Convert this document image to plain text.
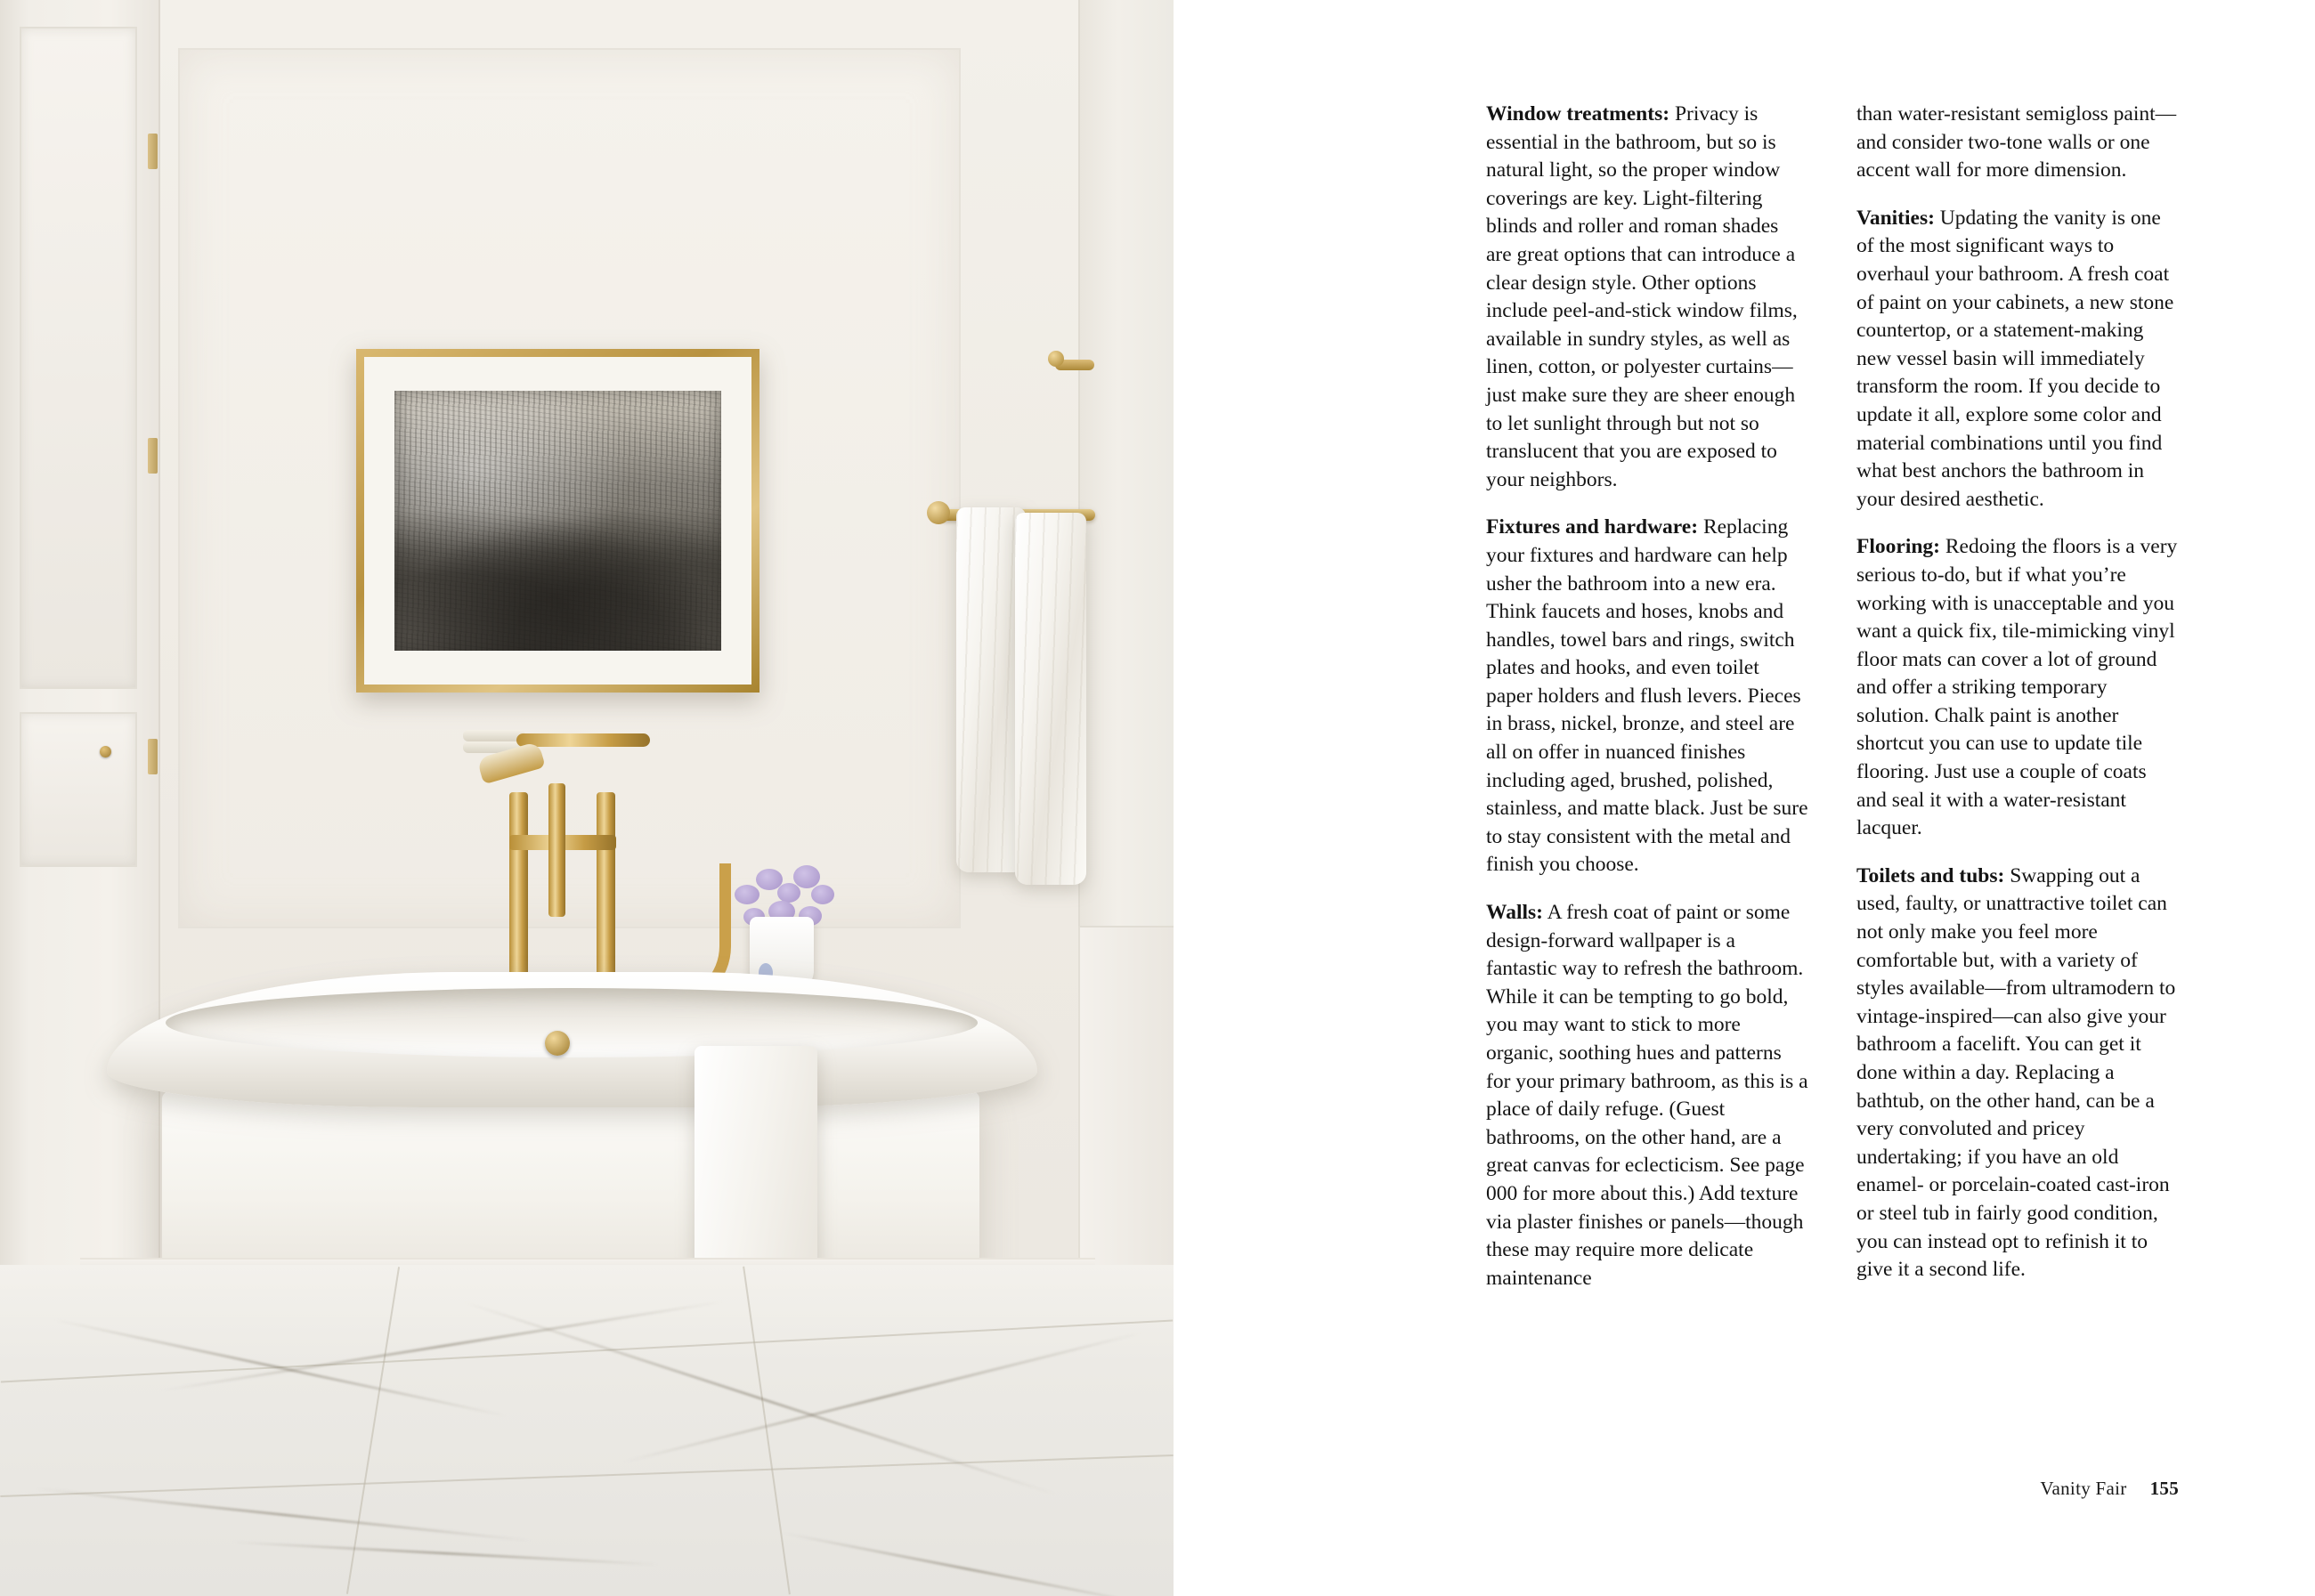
Window treatments: Privacy is essential in the bathroom, but so is natural light, so the proper window coverings are key. Light-filtering blinds and roller and roman shades are great options that can introduce a clear design style. Other options include peel-and-stick window films, available in sundry styles, as well as linen, cotton, or polyester curtains—just make sure they are sheer enough to let sunlight through but not so translucent that you are exposed to your neighbors.

Fixtures and hardware: Replacing your fixtures and hardware can help usher the bathroom into a new era. Think faucets and hoses, knobs and handles, towel bars and rings, switch plates and hooks, and even toilet paper holders and flush levers. Pieces in brass, nickel, bronze, and steel are all on offer in nuanced finishes including aged, brushed, polished, stainless, and matte black. Just be sure to stay consistent with the metal and finish you choose.

Walls: A fresh coat of paint or some design-forward wallpaper is a fantastic way to refresh the bathroom. While it can be tempting to go bold, you may want to stick to more organic, soothing hues and patterns for your primary bathroom, as this is a place of daily refuge. (Guest bathrooms, on the other hand, are a great canvas for eclecticism. See page 000 for more about this.) Add texture via plaster finishes or panels—though these may require more delicate maintenance

than water-resistant semigloss paint—and consider two-tone walls or one accent wall for more dimension.

Vanities: Updating the vanity is one of the most significant ways to overhaul your bathroom. A fresh coat of paint on your cabinets, a new stone countertop, or a statement-making new vessel basin will immediately transform the room. If you decide to update it all, explore some color and material combinations until you find what best anchors the bathroom in your desired aesthetic.

Flooring: Redoing the floors is a very serious to-do, but if what you’re working with is unacceptable and you want a quick fix, tile-mimicking vinyl floor mats can cover a lot of ground and offer a striking temporary solution. Chalk paint is another shortcut you can use to update tile flooring. Just use a couple of coats and seal it with a water-resistant lacquer.

Toilets and tubs: Swapping out a used, faulty, or unattractive toilet can not only make you feel more comfortable but, with a variety of styles available—from ultramodern to vintage-inspired—can also give your bathroom a facelift. You can get it done within a day. Replacing a bathtub, on the other hand, can be a very convoluted and pricey undertaking; if you have an old enamel- or porcelain-coated cast-iron or steel tub in fairly good condition, you can instead opt to refinish it to give it a second life.

Vanity Fair 155
